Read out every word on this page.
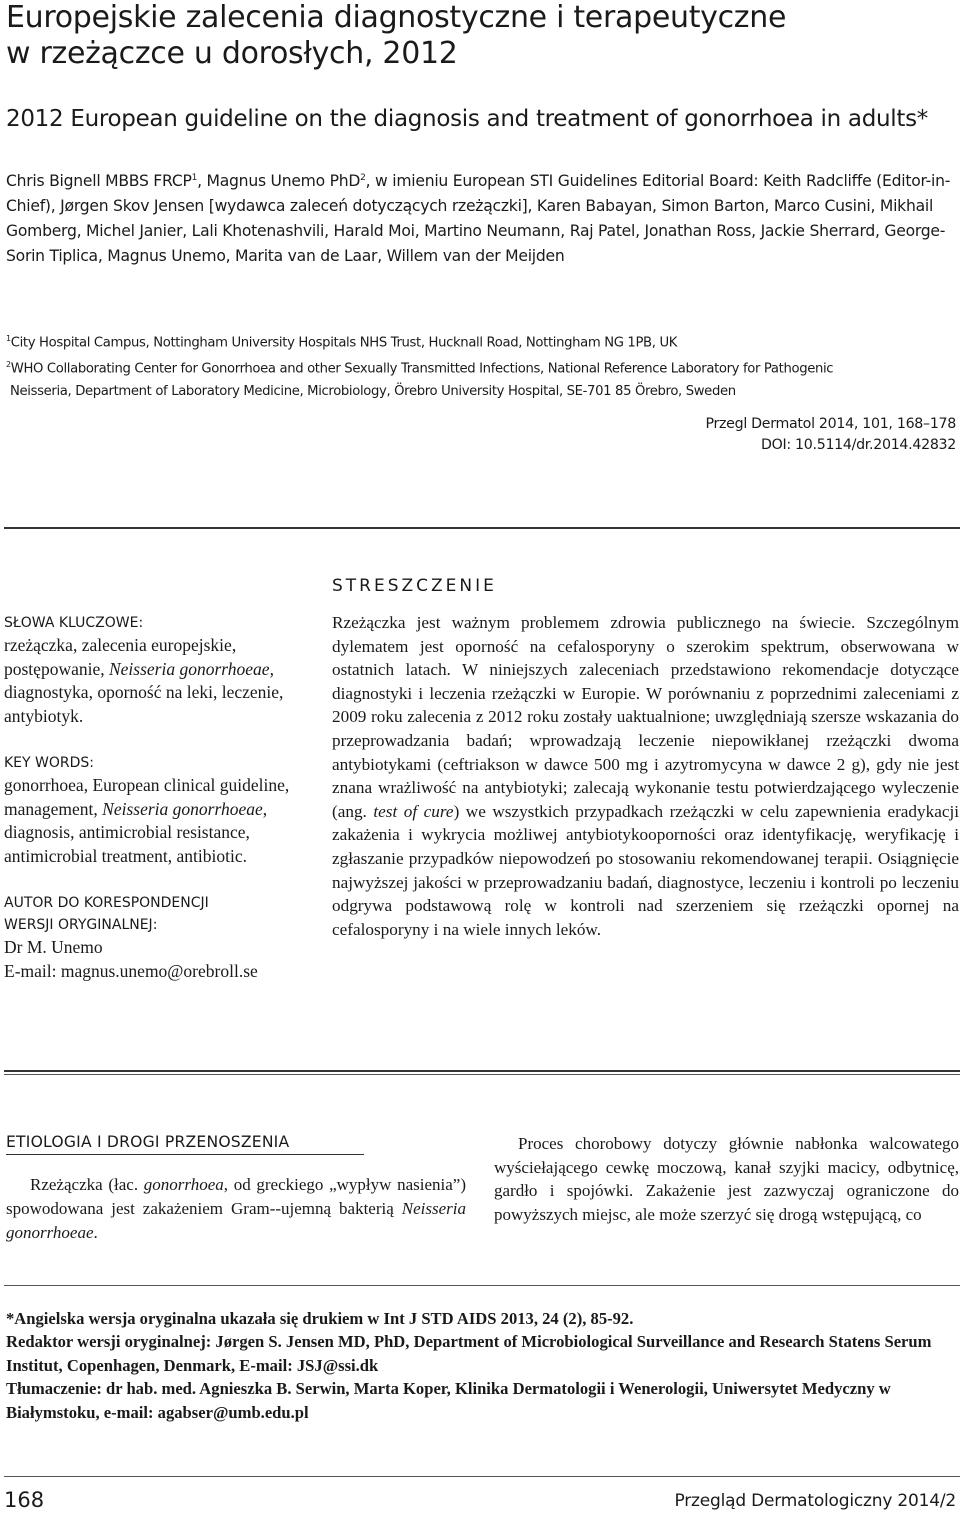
Europejskie zalecenia diagnostyczne i terapeutyczne
w rzeżączce u dorosłych, 2012
2012 European guideline on the diagnosis and treatment of gonorrhoea in adults*
Chris Bignell MBBS FRCP$^1$, Magnus Unemo PhD$^2$, w imieniu European STI Guidelines Editorial Board: Keith Radcliffe (Editor-in-Chief), Jørgen Skov Jensen [wydawca zaleceń dotyczących rzeżączki], Karen Babayan, Simon Barton, Marco Cusini, Mikhail Gomberg, Michel Janier, Lali Khotenashvili, Harald Moi, Martino Neumann, Raj Patel, Jonathan Ross, Jackie Sherrard, George-Sorin Tiplica, Magnus Unemo, Marita van de Laar, Willem van der Meijden

$^1$City Hospital Campus, Nottingham University Hospitals NHS Trust, Hucknall Road, Nottingham NG 1PB, UK

$^2$WHO Collaborating Center for Gonorrhoea and other Sexually Transmitted Infections, National Reference Laboratory for Pathogenic

Neisseria, Department of Laboratory Medicine, Microbiology, Örebro University Hospital, SE-701 85 Örebro, Sweden

Przegl Dermatol 2014, 101, 168–178
DOI: 10.5114/dr.2014.42832
STRESZCZENIE

SŁOWA KLUCZOWE:

rzeżączka, zalecenia europejskie, postępowanie, Neisseria gonorrhoeae, diagnostyka, oporność na leki, leczenie, antybiotyk.

KEY WORDS:

gonorrhoea, European clinical guideline, management, Neisseria gonorrhoeae, diagnosis, antimicrobial resistance, antimicrobial treatment, antibiotic.

AUTOR DO KORESPONDENCJI

WERSJI ORYGINALNEJ:

Dr M. Unemo

E-mail: magnus.unemo@orebroll.se

Rzeżączka jest ważnym problemem zdrowia publicznego na świecie. Szczególnym dylematem jest oporność na cefalosporyny o szerokim spektrum, obserwowana w ostatnich latach. W niniejszych zaleceniach przedstawiono rekomendacje dotyczące diagnostyki i leczenia rzeżączki w Europie. W porównaniu z poprzednimi zaleceniami z 2009 roku zalecenia z 2012 roku zostały uaktualnione; uwzględniają szersze wskazania do przeprowadzania badań; wprowadzają leczenie niepowikłanej rzeżączki dwoma antybiotykami (ceftriakson w dawce 500 mg i azytromycyna w dawce 2 g), gdy nie jest znana wrażliwość na antybiotyki; zalecają wykonanie testu potwierdzającego wyleczenie (ang. test of cure) we wszystkich przypadkach rzeżączki w celu zapewnienia eradykacji zakażenia i wykrycia możliwej antybiotykooporności oraz identyfikację, weryfikację i zgłaszanie przypadków niepowodzeń po stosowaniu rekomendowanej terapii. Osiągnięcie najwyższej jakości w przeprowadzaniu badań, diagnostyce, leczeniu i kontroli po leczeniu odgrywa podstawową rolę w kontroli nad szerzeniem się rzeżączki opornej na cefalosporyny i na wiele innych leków.

ETIOLOGIA I DROGI PRZENOSZENIA

Rzeżączka (łac. gonorrhoea, od greckiego „wypływ nasienia”) spowodowana jest zakażeniem Gram--ujemną bakterią Neisseria gonorrhoeae.

Proces chorobowy dotyczy głównie nabłonka walcowatego wyściełającego cewkę moczową, kanał szyjki macicy, odbytnicę, gardło i spojówki. Zakażenie jest zazwyczaj ograniczone do powyższych miejsc, ale może szerzyć się drogą wstępującą, co

*Angielska wersja oryginalna ukazała się drukiem w Int J STD AIDS 2013, 24 (2), 85-92.

Redaktor wersji oryginalnej: Jørgen S. Jensen MD, PhD, Department of Microbiological Surveillance and Research Statens Serum Institut, Copenhagen, Denmark, E-mail: JSJ@ssi.dk

Tłumaczenie: dr hab. med. Agnieszka B. Serwin, Marta Koper, Klinika Dermatologii i Wenerologii, Uniwersytet Medyczny w Białymstoku, e-mail: agabser@umb.edu.pl

168	Przegląd Dermatologiczny 2014/2
